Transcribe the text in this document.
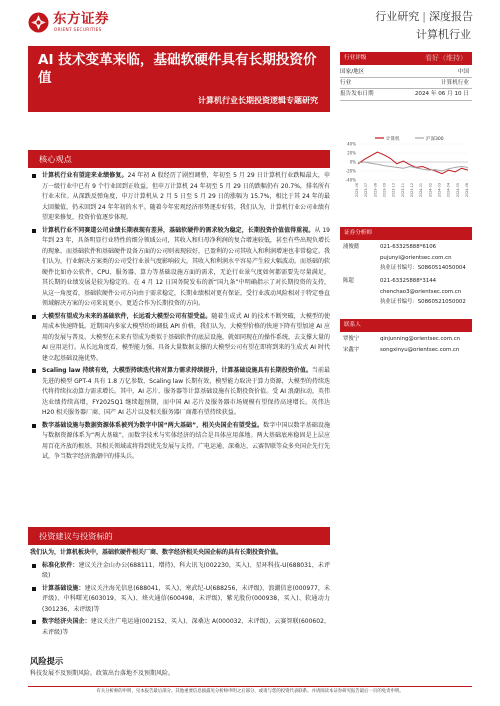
东方证券
ORIENT SECURITIES
行业研究 | 深度报告
计算机行业
AI 技术变革来临，基础软硬件具有长期投资价值
计算机行业长期投资逻辑专题研究
核心观点
计算机行业有望迎来业绩修复。24 年初 A 股经历了剧烈调整，年初至 5 月 29 日计算机行业跌幅最大，申万一级行业中已有 9 个行业回到正收益，但申万计算机 24 年初至 5 月 29 日的跌幅仍有 20.7%，排名所有行业末位。从深跌反弹角度，申万计算机从 2 月 5 日至 5 月 29 日的涨幅为 15.7%，相比于其 24 年的最大回撤值，仍未回到 24 年年初的水平。随着今年宏观经济形势逐步好转，我们认为，计算机行业公司业绩有望迎来修复，投资价值逐步体现。
计算机行业不同赛道公司业绩长期表现有差异，基础软硬件的需求较为稳定，长期投资价值值得重视。从 19 年到 23 年，具备明显行业特性的细分领域公司，其收入和归母净利润的复合增速较低，甚至有些出现负增长的现象。而基础软件和基础硬件设备方面的公司则表现较好，已盈利的公司其收入和利润增速也非常稳定。我们认为，行业解决方案类的公司受行业景气度影响较大，其收入和利润水平容易产生较大幅波动。而基础的软硬件比如办公软件、CPU、服务器、算力等基础设施方面的需求，无论行业景气度如何都需要先尽量满足，其长期的业绩发展是较为稳定的。在 4 月 12 日国务院发布的新“国九条”中明确指示了对长期投资的支持，从这一角度看，基础软硬件公司方向由于需求稳定，长期业绩相对更有保证，受行业波动风险相对于特定垂直领域解决方案的公司来说更小，更适合作为长期投资的方向。
大模型有望成为未来的基础软件，长远看大模型公司有望受益。随着生成式 AI 的技术不断突破，大模型的使用成本快速降低。近期国内多家大模型纷纷调低 API 价格，我们认为，大模型价格的快速下降有望加速 AI 应用的发展与普及。大模型在未来有望成为类似于基础软件的底层设施，就如同现在的操作系统，去支撑大量的 AI 应用运行。从长远角度看，模型能力强、具备大量数据支撑的大模型公司有望在即将到来的生成式 AI 时代建立起基础设施优势。
Scaling law 持续有效，大模型持续迭代将对算力需求持续提升，计算基础设施具有长期投资价值。当前最先进的模型 GPT-4 具有 1.8 万亿参数，Scaling law 长期有效，模型能力取决于算力资源，大模型的持续迭代将持续拉动算力需求增长。其中，AI 芯片、服务器等计算基础设施有长期投资价值。受 AI 浪潮拉动，英伟达业绩持续高增，FY2025Q1 继续超预期，而中国 AI 芯片及服务器市场规模有望保持高速增长。英伟达 H20 相关服务器厂商、国产 AI 芯片以及相关服务器厂商都有望持续获益。
数字基础设施与数据资源体系被列为数字中国“两大基础”，相关央国企有望受益。数字中国以数字基础设施与数据资源体系为“两大基础”，而数字技术与实体经济的结合是具体应用落地。两大基础底座稳固是上层应用百花齐放的根基，其相关领域或将得到优先发展与支持。广电运通、深桑达、云赛智联等众多央国企先行先试，争当数字经济浪潮中的排头兵。
投资建议与投资标的
我们认为，计算机板块中，基础软硬件相关厂商、数字经济相关央国企标的具有长期投资价值。
标准化软件：建议关注金山办公(688111，增持)、科大讯飞(002230，买入)、星环科技-U(688031，未评级)
计算基础设施：建议关注海光信息(688041，买入)、寒武纪-U(688256，未评级)、浪潮信息(000977，未评级)、中科曙光(603019，买入)、烽火通信(600498，未评级)、紫光股份(000938，买入)、软通动力(301236，未评级)等
数字经济央国企：建议关注广电运通(002152，买入)、深桑达 A(000032，未评级)、云赛智联(600602，未评级)等
风险提示
科技发展不及预期风险。政策出台落地不及预期风险。
行业评级	看好（维持）
国家/地区	中国
行业	计算机行业
报告发布日期	2024 年 06 月 10 日
计算机	沪深300
40%
20%
0%
-20%
-40%
2023-06 2023-07 2023-08 2023-09 2023-10 2023-11 2023-12 2024-01 2024-02 2024-03 2024-04 2024-05 2024-06
证券分析师
浦俊懿	021-63325888*6106
pujunyi@orientsec.com.cn
执业证书编号：S0860514050004
陈超	021-63325888*3144
chenchao3@orientsec.com.cn
执业证书编号：S0860521050002
联系人
覃俊宁	qinjunning@orientsec.com.cn
宋鑫宇	songxinyu@orientsec.com.cn
有关分析师的申明，见本报告最后部分。其他重要信息披露见分析师申明之后部分，或请与您的投资代表联系。并请阅读本证券研究报告最后一页的免责申明。
